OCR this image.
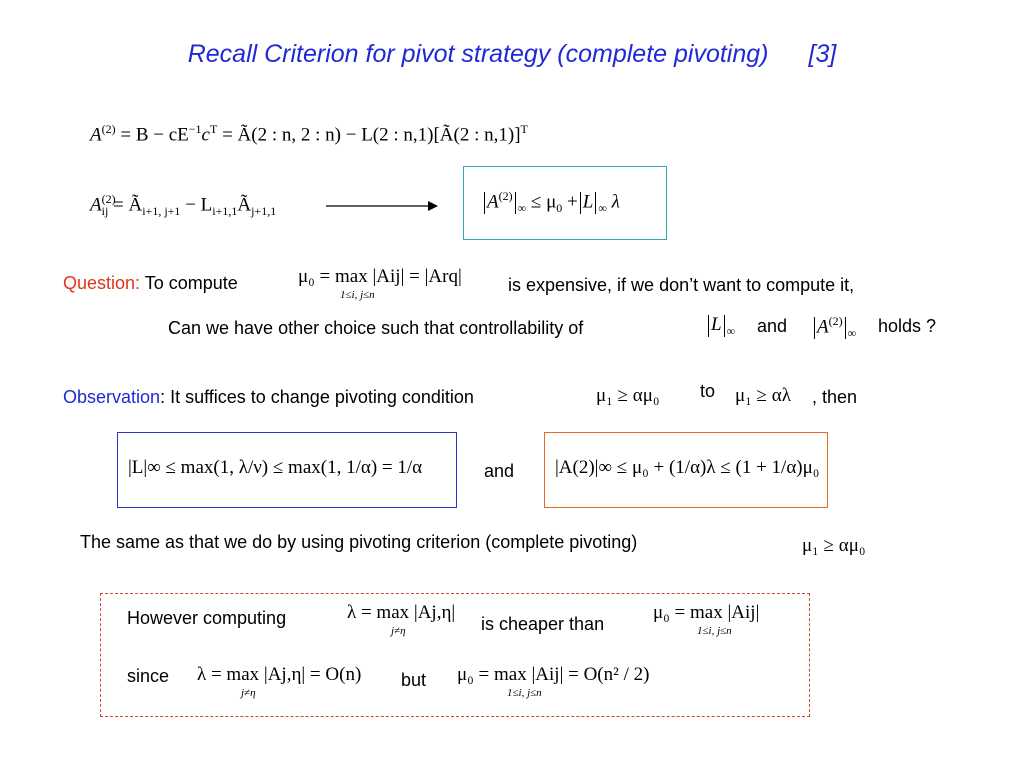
Recall Criterion for pivot strategy (complete pivoting) [3]
$A^{(2)} = B - cE^{-1}c^T$ = Ã(2 : n, 2 : n) − L(2 : n,1)[Ã(2 : n,1)]$^T$
$A^{(2)}_{ij}$ = $Ã_{i+1, j+1}$ − $L_{i+1,1}Ã_{j+1,1}$	$A^{(2)}_\infty \le \mu_0 + L$ $_\infty$ λ
Question: To compute	μ₀ = max |Aij| = |Arq|
1≤i, j≤n	is expensive, if we don’t want to compute it,
Can we have other choice such that controllability of	L $_\infty$ and $A^{(2)}_\infty$ holds ?
Observation: It suffices to change pivoting condition	μ₁ ≥ αμ₀ to μ₁ ≥ αλ , then
|L|∞ ≤ max(1, λ/ν) ≤ max(1, 1/α) = 1/α	and |A(2)|∞ ≤ μ₀ + (1/α)λ ≤ (1 + 1/α)μ₀
The same as that we do by using pivoting criterion (complete pivoting)	μ₁ ≥ αμ₀
However computing	λ = max |Aj,η|
j≠η	is cheaper than
μ₀ = max |Aij|
1≤i, j≤n
since λ = max |Aj,η| = O(n)
j≠η
but μ₀ = max |Aij| = O(n² / 2)
1≤i, j≤n
